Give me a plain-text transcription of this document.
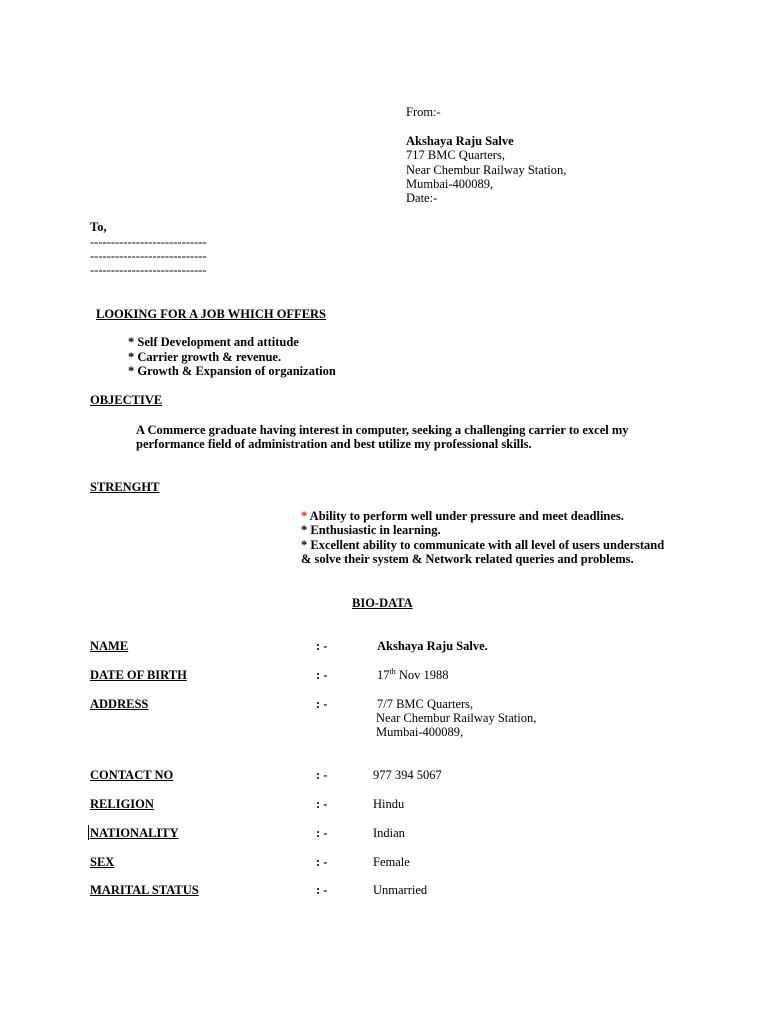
From:-
Akshaya Raju Salve
717 BMC Quarters,
Near Chembur Railway Station,
Mumbai-400089,
Date:-
To,
----------------------------
----------------------------
----------------------------
LOOKING FOR A JOB WHICH OFFERS
* Self Development and attitude
* Carrier growth & revenue.
* Growth & Expansion of organization
OBJECTIVE
A Commerce graduate having interest in computer, seeking a challenging carrier to excel my
performance field of administration and best utilize my professional skills.
STRENGHT
* Ability to perform well under pressure and meet deadlines.
* Enthusiastic in learning.
* Excellent ability to communicate with all level of users understand
& solve their system & Network related queries and problems.
BIO-DATA
NAME	: -	Akshaya Raju Salve.
DATE OF BIRTH	: -	17th Nov 1988
ADDRESS	: -	7/7 BMC Quarters,
Near Chembur Railway Station,
Mumbai-400089,
CONTACT NO	: -	977 394 5067
RELIGION	: -	Hindu
NATIONALITY	: -	Indian
SEX	: -	Female
MARITAL STATUS	: -	Unmarried
